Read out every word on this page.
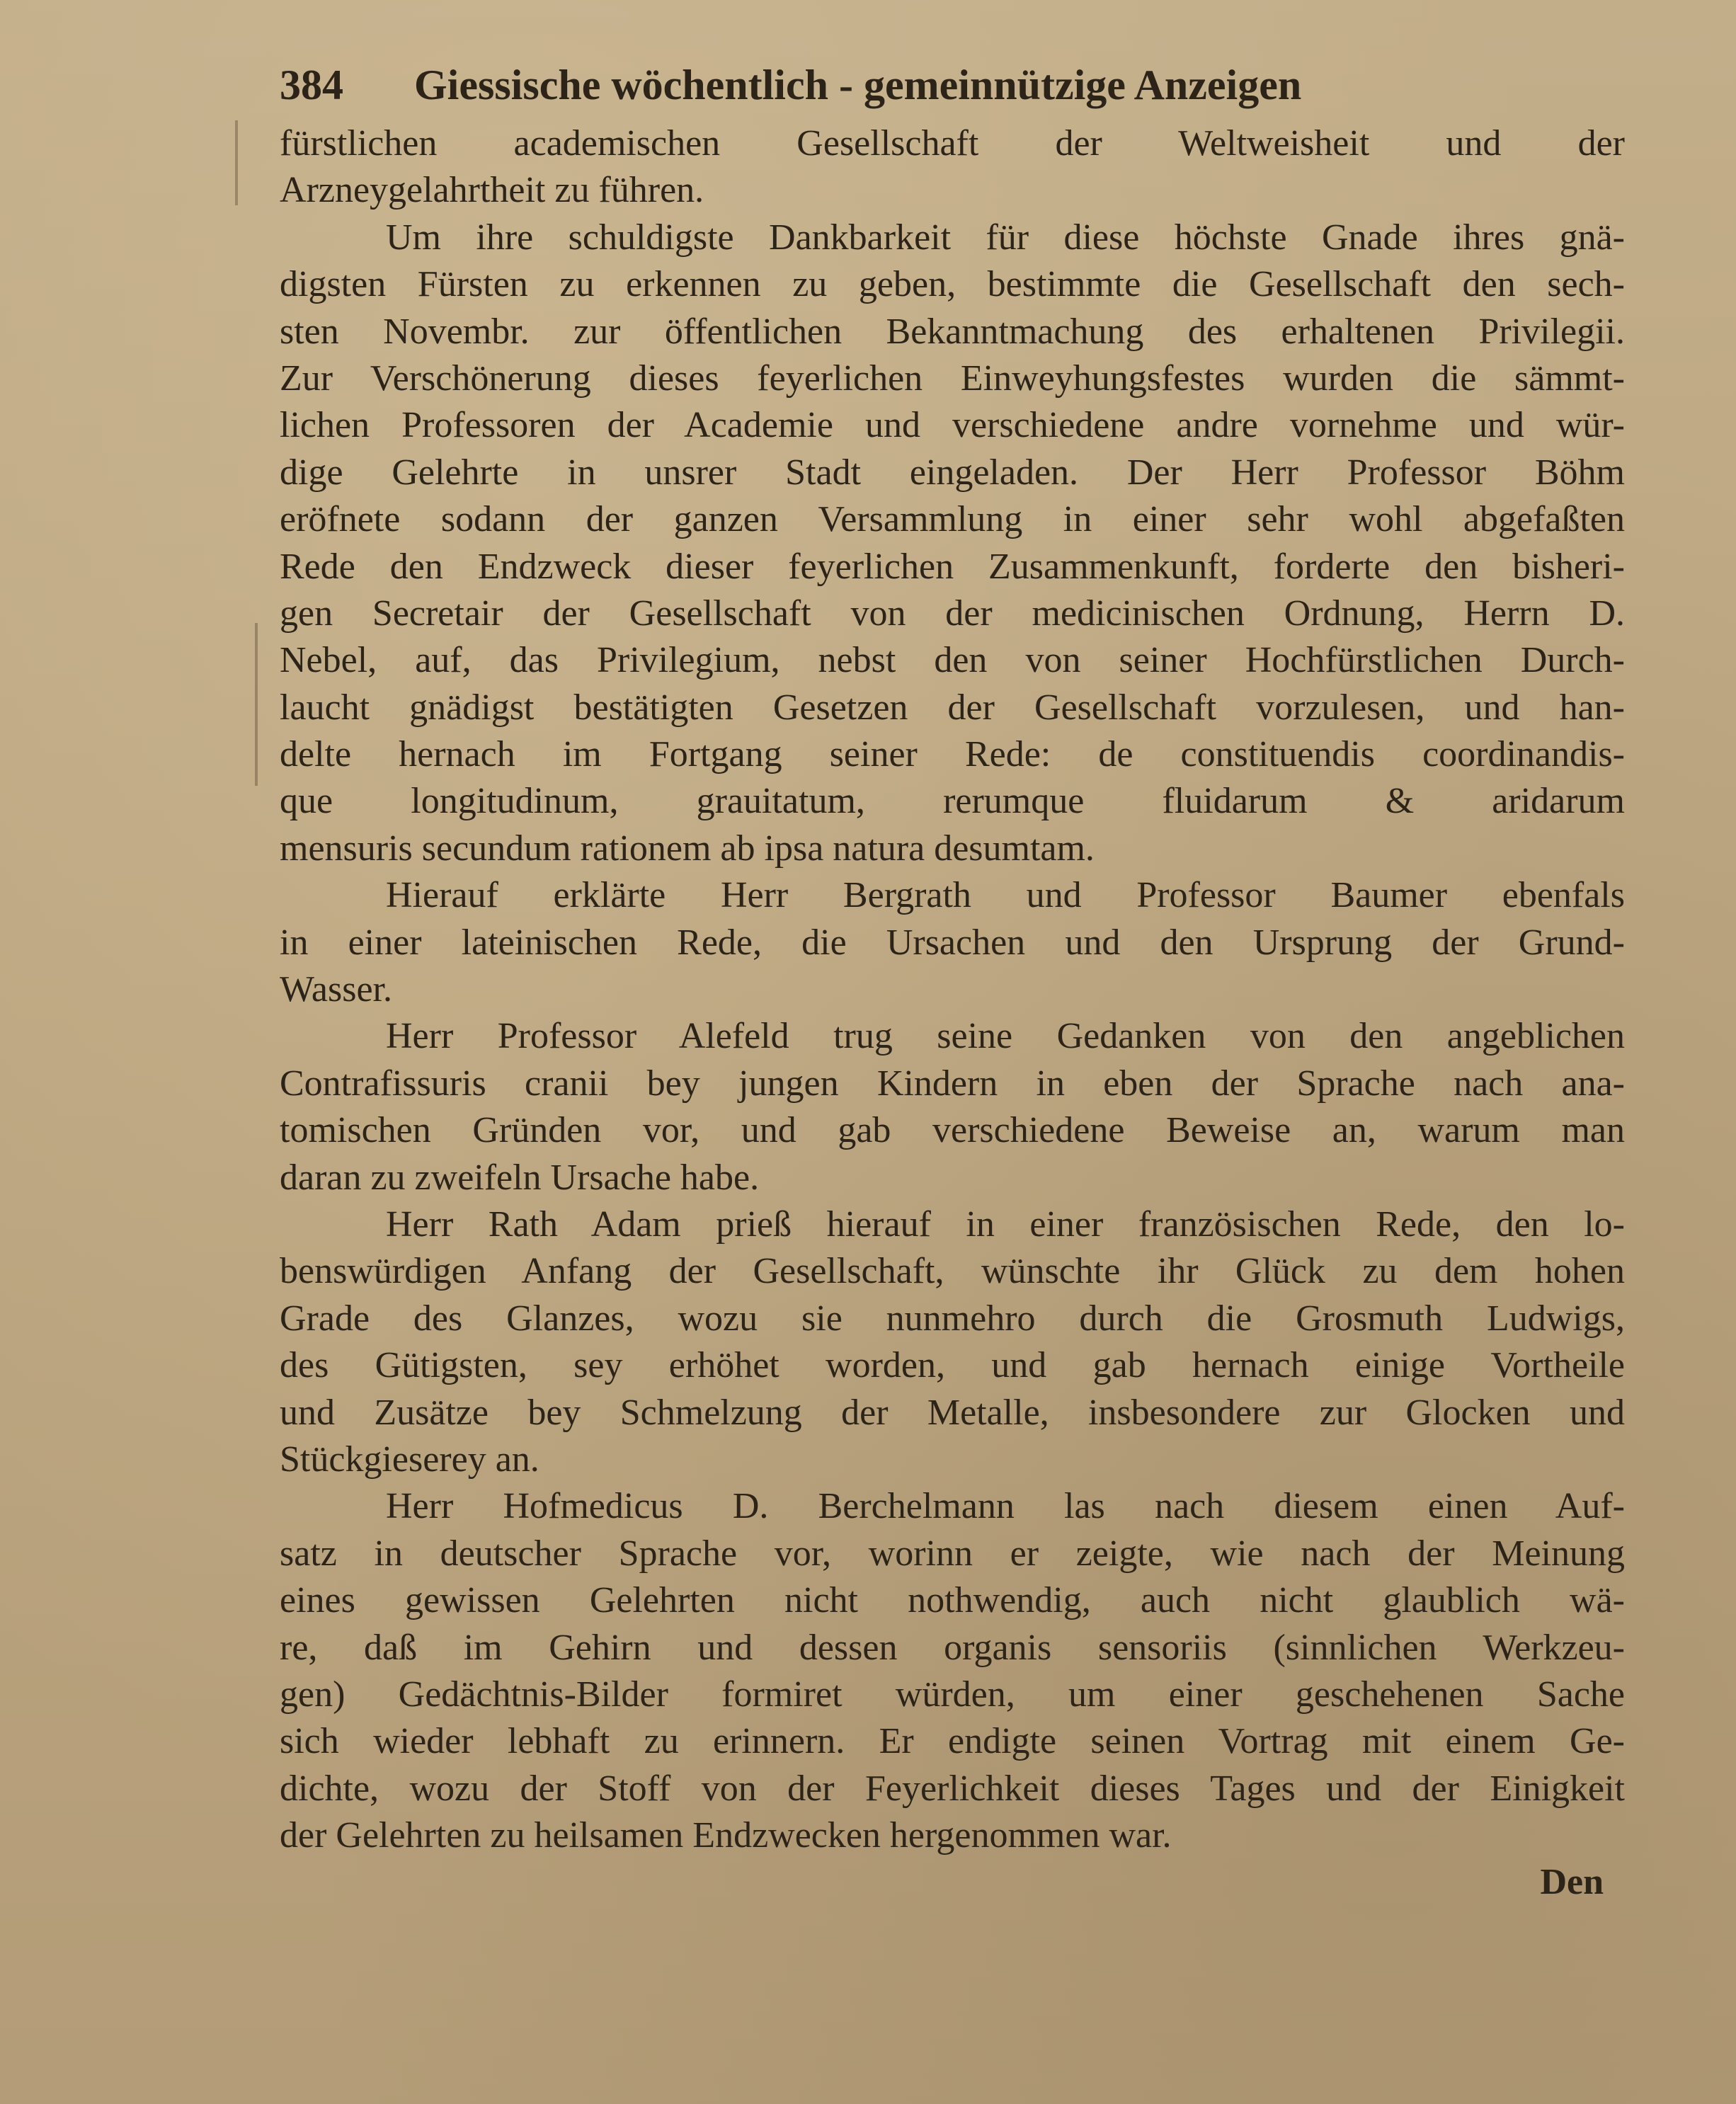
384 Giessische wöchentlich - gemeinnützige Anzeigen
fürstlichen academischen Gesellschaft der Weltweisheit und der
Arzneygelahrtheit zu führen.
Um ihre schuldigste Dankbarkeit für diese höchste Gnade ihres gnä-
digsten Fürsten zu erkennen zu geben, bestimmte die Gesellschaft den sech-
sten Novembr. zur öffentlichen Bekanntmachung des erhaltenen Privilegii.
Zur Verschönerung dieses feyerlichen Einweyhungsfestes wurden die sämmt-
lichen Professoren der Academie und verschiedene andre vornehme und wür-
dige Gelehrte in unsrer Stadt eingeladen. Der Herr Professor Böhm
eröfnete sodann der ganzen Versammlung in einer sehr wohl abgefaßten
Rede den Endzweck dieser feyerlichen Zusammenkunft, forderte den bisheri-
gen Secretair der Gesellschaft von der medicinischen Ordnung, Herrn D.
Nebel, auf, das Privilegium, nebst den von seiner Hochfürstlichen Durch-
laucht gnädigst bestätigten Gesetzen der Gesellschaft vorzulesen, und han-
delte hernach im Fortgang seiner Rede: de constituendis coordinandis-
que longitudinum, grauitatum, rerumque fluidarum & aridarum
mensuris secundum rationem ab ipsa natura desumtam.
Hierauf erklärte Herr Bergrath und Professor Baumer ebenfals
in einer lateinischen Rede, die Ursachen und den Ursprung der Grund-
Wasser.
Herr Professor Alefeld trug seine Gedanken von den angeblichen
Contrafissuris cranii bey jungen Kindern in eben der Sprache nach ana-
tomischen Gründen vor, und gab verschiedene Beweise an, warum man
daran zu zweifeln Ursache habe.
Herr Rath Adam prieß hierauf in einer französischen Rede, den lo-
benswürdigen Anfang der Gesellschaft, wünschte ihr Glück zu dem hohen
Grade des Glanzes, wozu sie nunmehro durch die Grosmuth Ludwigs,
des Gütigsten, sey erhöhet worden, und gab hernach einige Vortheile
und Zusätze bey Schmelzung der Metalle, insbesondere zur Glocken und
Stückgieserey an.
Herr Hofmedicus D. Berchelmann las nach diesem einen Auf-
satz in deutscher Sprache vor, worinn er zeigte, wie nach der Meinung
eines gewissen Gelehrten nicht nothwendig, auch nicht glaublich wä-
re, daß im Gehirn und dessen organis sensoriis (sinnlichen Werkzeu-
gen) Gedächtnis-Bilder formiret würden, um einer geschehenen Sache
sich wieder lebhaft zu erinnern. Er endigte seinen Vortrag mit einem Ge-
dichte, wozu der Stoff von der Feyerlichkeit dieses Tages und der Einigkeit
der Gelehrten zu heilsamen Endzwecken hergenommen war.
Den
